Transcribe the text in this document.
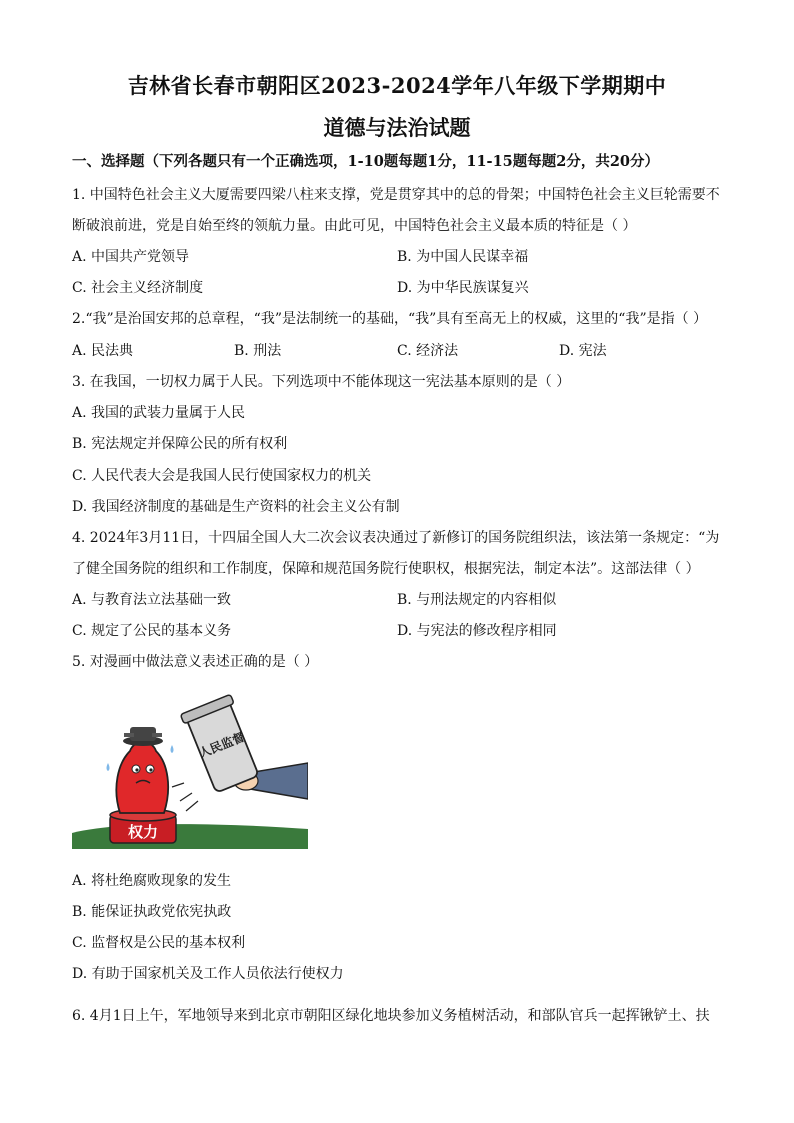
吉林省长春市朝阳区2023-2024学年八年级下学期期中
道德与法治试题
一、选择题（下列各题只有一个正确选项，1-10题每题1分，11-15题每题2分，共20分）
1. 中国特色社会主义大厦需要四梁八柱来支撑，党是贯穿其中的总的骨架；中国特色社会主义巨轮需要不
断破浪前进，党是自始至终的领航力量。由此可见，中国特色社会主义最本质的特征是（ ）
A. 中国共产党领导	B. 为中国人民谋幸福
C. 社会主义经济制度	D. 为中华民族谋复兴
2.“我”是治国安邦的总章程，“我”是法制统一的基础，“我”具有至高无上的权威，这里的“我”是指（ ）
A. 民法典	B. 刑法	C. 经济法	D. 宪法
3. 在我国，一切权力属于人民。下列选项中不能体现这一宪法基本原则的是（ ）
A. 我国的武装力量属于人民
B. 宪法规定并保障公民的所有权利
C. 人民代表大会是我国人民行使国家权力的机关
D. 我国经济制度的基础是生产资料的社会主义公有制
4. 2024年3月11日，十四届全国人大二次会议表决通过了新修订的国务院组织法，该法第一条规定：“为
了健全国务院的组织和工作制度，保障和规范国务院行使职权，根据宪法，制定本法”。这部法律（ ）
A. 与教育法立法基础一致	B. 与刑法规定的内容相似
C. 规定了公民的基本义务	D. 与宪法的修改程序相同
5. 对漫画中做法意义表述正确的是（ ）
权力
人民监督
A. 将杜绝腐败现象的发生
B. 能保证执政党依宪执政
C. 监督权是公民的基本权利
D. 有助于国家机关及工作人员依法行使权力
6. 4月1日上午，军地领导来到北京市朝阳区绿化地块参加义务植树活动，和部队官兵一起挥锹铲土、扶
